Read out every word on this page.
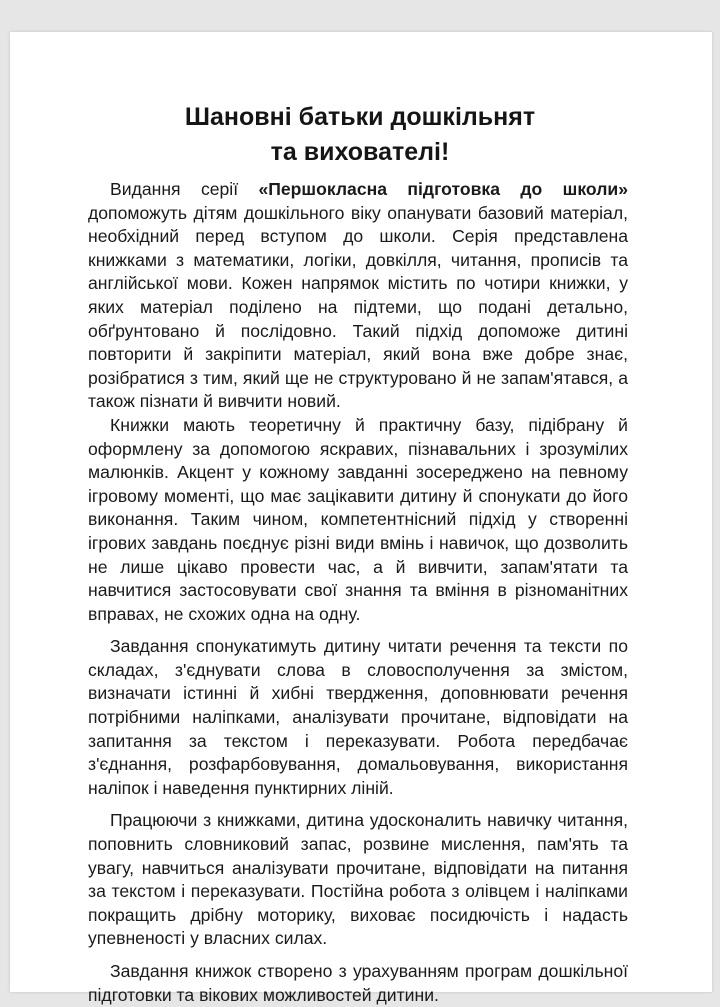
Шановні батьки дошкільнят
та вихователі!

Видання серії «Першокласна підготовка до школи» допоможуть дітям дошкільного віку опанувати базовий матеріал, необхідний перед вступом до школи. Серія представлена книжками з математики, логіки, довкілля, читання, прописів та англійської мови. Кожен напрямок містить по чотири книжки, у яких матеріал поділено на підтеми, що подані детально, обґрунтовано й послідовно. Такий підхід допоможе дитині повторити й закріпити матеріал, який вона вже добре знає, розібратися з тим, який ще не структуровано й не запам'ятався, а також пізнати й вивчити новий.

Книжки мають теоретичну й практичну базу, підібрану й оформлену за допомогою яскравих, пізнавальних і зрозумілих малюнків. Акцент у кожному завданні зосереджено на певному ігровому моменті, що має зацікавити дитину й спонукати до його виконання. Таким чином, компетентнісний підхід у створенні ігрових завдань поєднує різні види вмінь і навичок, що дозволить не лише цікаво провести час, а й вивчити, запам'ятати та навчитися застосовувати свої знання та вміння в різноманітних вправах, не схожих одна на одну.

Завдання спонукатимуть дитину читати речення та тексти по складах, з'єднувати слова в словосполучення за змістом, визначати істинні й хибні твердження, доповнювати речення потрібними наліпками, аналізувати прочитане, відповідати на запитання за текстом і переказувати. Робота передбачає з'єднання, розфарбовування, домальовування, використання наліпок і наведення пунктирних ліній.

Працюючи з книжками, дитина удосконалить навичку читання, поповнить словниковий запас, розвине мислення, пам'ять та увагу, навчиться аналізувати прочитане, відповідати на питання за текстом і переказувати. Постійна робота з олівцем і наліпками покращить дрібну моторику, виховає посидючість і надасть упевненості у власних силах.

Завдання книжок створено з урахуванням програм дошкільної підготовки та вікових можливостей дитини.
